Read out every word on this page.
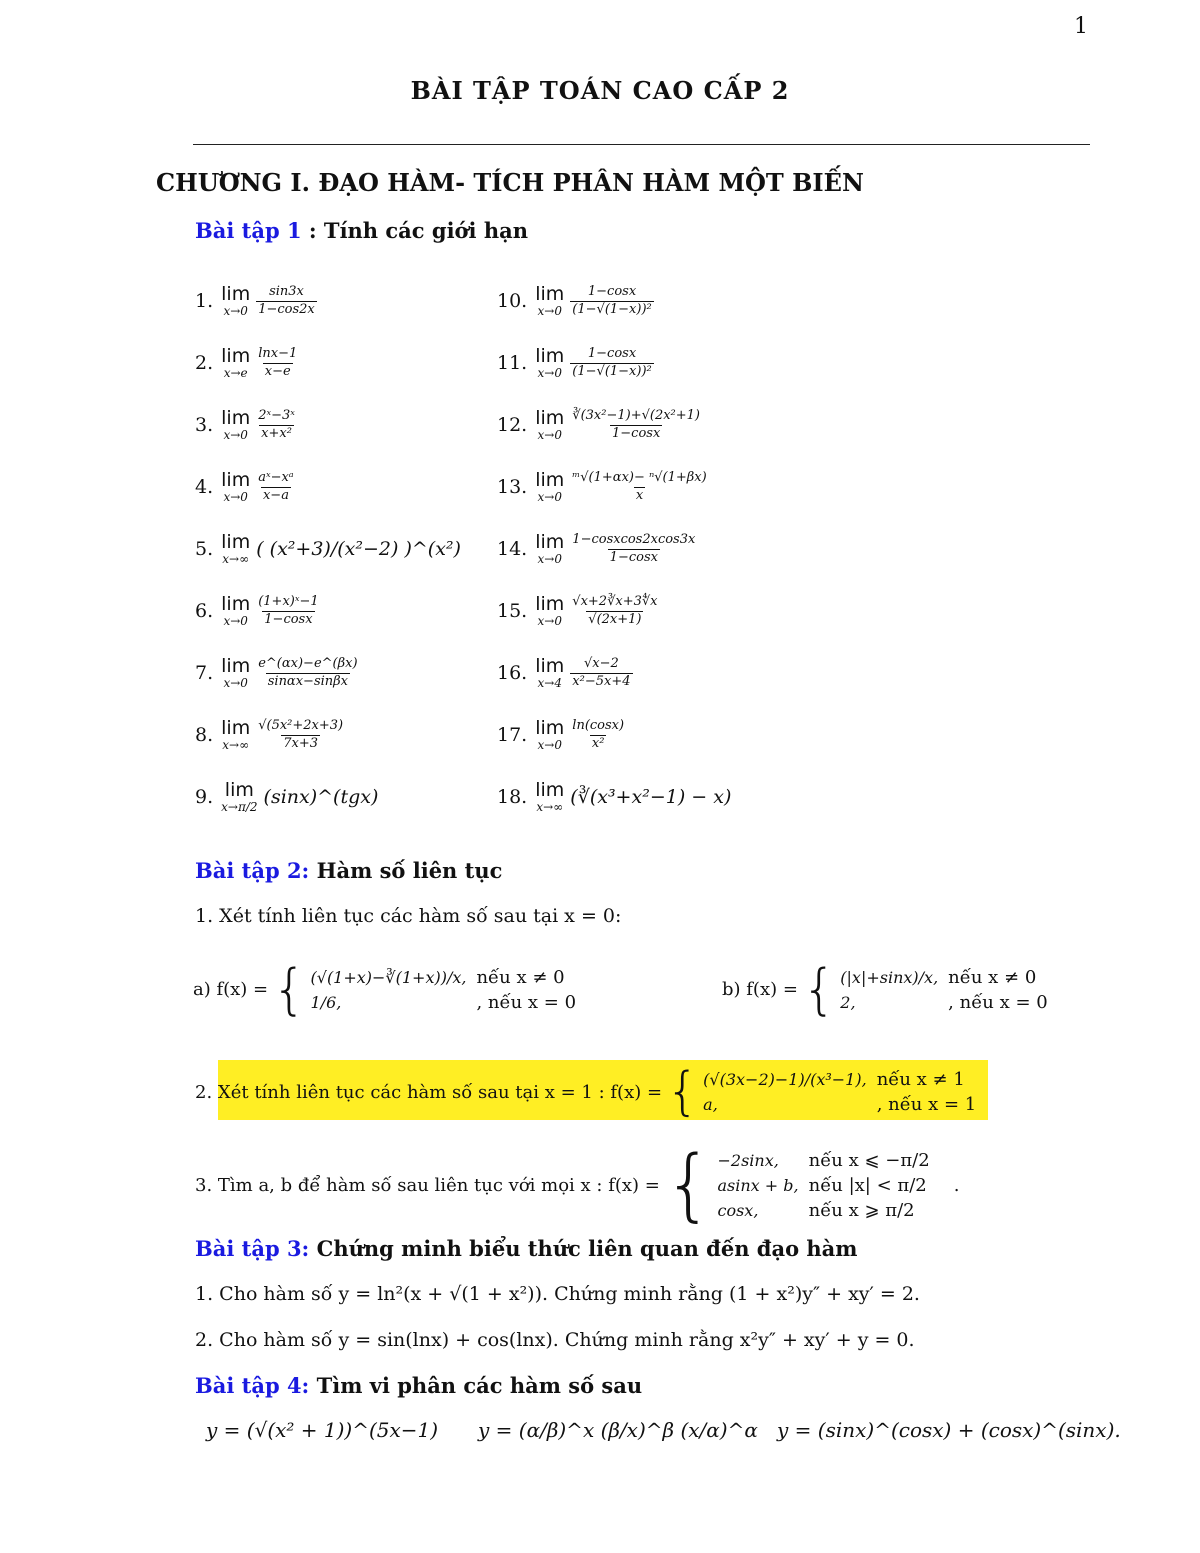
1
BÀI TẬP TOÁN CAO CẤP 2
CHƯƠNG I. ĐẠO HÀM- TÍCH PHÂN HÀM MỘT BIẾN
Bài tập 1 : Tính các giới hạn
1. lim
$x\to 0 \frac{\sin 3x}{1-\cos 2x}$
2. lim
$x\to e \frac{\ln x-1}{x-e}$
3. lim
$x\to 0 \frac{\text{2ˣ−3ˣ}}{\text{x+x²}}$
4. lim
$x\to 0 \frac{\text{aˣ−xᵃ}}{x-a}$
5. lim
x→∞ ( (x²+3)/(x²−2) )^(x²)
6. lim
$x\to 0 \frac{\text{(1+x)ˣ−1}}{1-\cos x}$
7. lim
$x\to 0 \frac{e\^{}(\alpha x)-e\^{}(\beta x)}{\sin\alpha x-\sin\beta x}$
8. lim
$x\to\infty \frac{\text{√(5x²+2x+3)}}{7x+3}$
9. lim
x→π/2 (sinx)^(tgx)
10. lim
$x\to 0 \frac{1-\cos x}{\text{(1−√(1−x))²}}$
11. lim
$x\to 0 \frac{1-\cos x}{\text{(1−√(1−x))²}}$
12. lim
$x\to 0 \frac{\text{∛(3x²−1)+√(2x²+1)}}{1-\cos x}$
13. lim
$x\to 0 \frac{\text{ᵐ√(1+αx)− ⁿ√(1+βx)}}{x}$
14. lim
$x\to 0 \frac{\text{1−cosxcos2xcos3x}}{1-\cos x}$
15. lim
$x\to 0 \frac{√x+2∛x+3∜x}{√(2x+1)}$
16. lim
$x\to 4 \frac{√x-2}{\text{x²−5x+4}}$
17. lim
$x\to 0 \frac{\ln(\cos x)}{\text{x²}}$
18. lim
x→∞ (∛(x³+x²−1) − x)
Bài tập 2: Hàm số liên tục
1. Xét tính liên tục các hàm số sau tại x = 0:
a) f(x) = { (√(1+x)−∛(1+x))/x, nếu x ≠ 0
1/6,	, nếu x = 0
b) f(x) = { (|x|+sinx)/x, nếu x ≠ 0
2,	, nếu x = 0
2. Xét tính liên tục các hàm số sau tại x = 1 : f(x) = { (√(3x−2)−1)/(x³−1), nếu x ≠ 1
a,	, nếu x = 1
3. Tìm a, b để hàm số sau liên tục với mọi x : f(x) = { −2sinx,	nếu x ⩽ −π/2
asinx + b, nếu |x| < π/2
cosx,	nếu x ⩾ π/2
.
Bài tập 3: Chứng minh biểu thức liên quan đến đạo hàm
1. Cho hàm số y = ln²(x + √(1 + x²)). Chứng minh rằng (1 + x²)y″ + xy′ = 2.
2. Cho hàm số y = sin(lnx) + cos(lnx). Chứng minh rằng x²y″ + xy′ + y = 0.
Bài tập 4: Tìm vi phân các hàm số sau
y = (√(x² + 1))^(5x−1) y = (α/β)^x (β/x)^β (x/α)^α y = (sinx)^(cosx) + (cosx)^(sinx).
